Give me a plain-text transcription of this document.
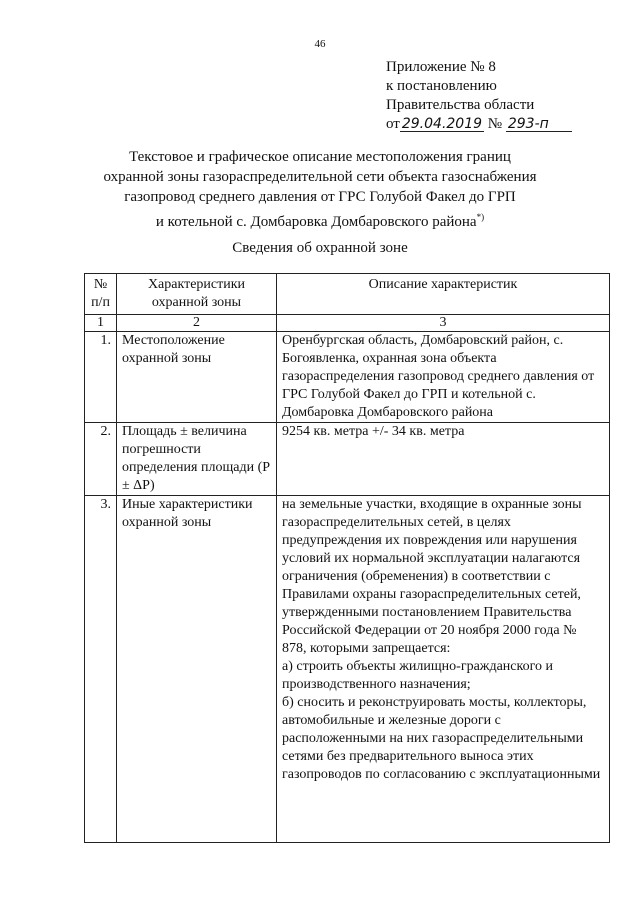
46
Приложение № 8
к постановлению
Правительства области
от 29.04.2019 № 293-п
Текстовое и графическое описание местоположения границ
охранной зоны газораспределительной сети объекта газоснабжения
газопровод среднего давления от ГРС Голубой Факел до ГРП
и котельной с. Домбаровка Домбаровского района*)
Сведения об охранной зоне
№ п/п	Характеристики охранной зоны	Описание характеристик
1	2	3
1.	Местоположение охранной зоны	Оренбургская область, Домбаровский район, с. Богоявленка, охранная зона объекта газораспределения газопровод среднего давления от ГРС Голубой Факел до ГРП и котельной с. Домбаровка Домбаровского района
2.	Площадь ± величина погрешности определения площади (P ± ΔP)	9254 кв. метра +/- 34 кв. метра
3.	Иные характеристики охранной зоны	на земельные участки, входящие в охранные зоны газораспределительных сетей, в целях предупреждения их повреждения или нарушения условий их нормальной эксплуатации налагаются ограничения (обременения) в соответствии с Правилами охраны газораспределительных сетей, утвержденными постановлением Правительства Российской Федерации от 20 ноября 2000 года № 878, которыми запрещается:
а) строить объекты жилищно-гражданского и производственного назначения;
б) сносить и реконструировать мосты, коллекторы, автомобильные и железные дороги с расположенными на них газораспределительными сетями без предварительного выноса этих газопроводов по согласованию с эксплуатационными
